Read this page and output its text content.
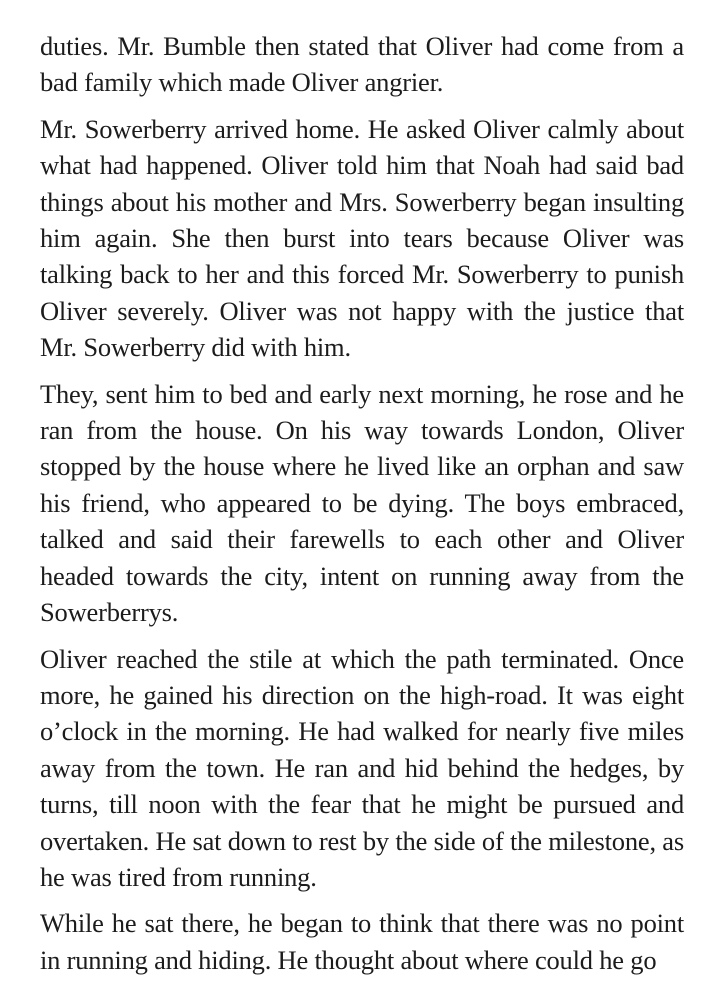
duties. Mr. Bumble then stated that Oliver had come from a bad family which made Oliver angrier.

Mr. Sowerberry arrived home. He asked Oliver calmly about what had happened. Oliver told him that Noah had said bad things about his mother and Mrs. Sowerberry began insulting him again. She then burst into tears because Oliver was talking back to her and this forced Mr. Sowerberry to punish Oliver severely. Oliver was not happy with the justice that Mr. Sowerberry did with him.

They, sent him to bed and early next morning, he rose and he ran from the house. On his way towards London, Oliver stopped by the house where he lived like an orphan and saw his friend, who appeared to be dying. The boys embraced, talked and said their farewells to each other and Oliver headed towards the city, intent on running away from the Sowerberrys.

Oliver reached the stile at which the path terminated. Once more, he gained his direction on the high-road. It was eight o’clock in the morning. He had walked for nearly five miles away from the town. He ran and hid behind the hedges, by turns, till noon with the fear that he might be pursued and overtaken. He sat down to rest by the side of the milestone, as he was tired from running.

While he sat there, he began to think that there was no point in running and hiding. He thought about where could he go
